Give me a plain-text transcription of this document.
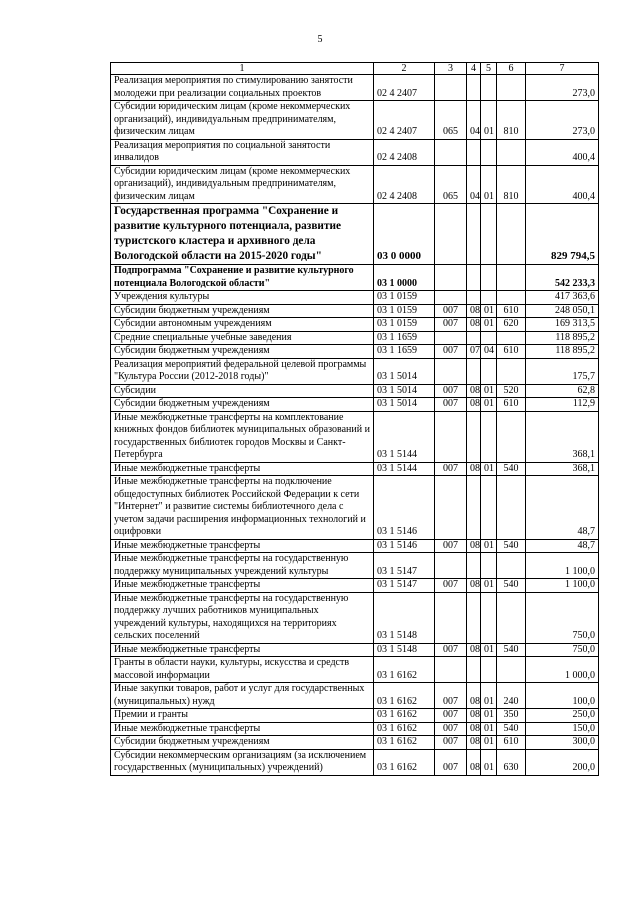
5
1	2	3	4	5	6	7
Реализация мероприятия по стимулированию занятости молодежи при реализации социальных проектов	02 4 2407					273,0
Субсидии юридическим лицам (кроме некоммерческих организаций), индивидуальным предпринимателям, физическим лицам	02 4 2407	065	04	01	810	273,0
Реализация мероприятия по социальной занятости инвалидов	02 4 2408					400,4
Субсидии юридическим лицам (кроме некоммерческих организаций), индивидуальным предпринимателям, физическим лицам	02 4 2408	065	04	01	810	400,4
Государственная программа "Сохранение и развитие культурного потенциала, развитие туристского кластера и архивного дела Вологодской области на 2015-2020 годы"	03 0 0000					829 794,5
Подпрограмма "Сохранение и развитие культурного потенциала Вологодской области"	03 1 0000					542 233,3
Учреждения культуры	03 1 0159					417 363,6
Субсидии бюджетным учреждениям	03 1 0159	007	08	01	610	248 050,1
Субсидии автономным учреждениям	03 1 0159	007	08	01	620	169 313,5
Средние специальные учебные заведения	03 1 1659					118 895,2
Субсидии бюджетным учреждениям	03 1 1659	007	07	04	610	118 895,2
Реализация мероприятий федеральной целевой программы "Культура России (2012-2018 годы)"	03 1 5014					175,7
Субсидии	03 1 5014	007	08	01	520	62,8
Субсидии бюджетным учреждениям	03 1 5014	007	08	01	610	112,9
Иные межбюджетные трансферты на комплектование книжных фондов библиотек муниципальных образований и государственных библиотек городов Москвы и Санкт-Петербурга	03 1 5144					368,1
Иные межбюджетные трансферты	03 1 5144	007	08	01	540	368,1
Иные межбюджетные трансферты на подключение общедоступных библиотек Российской Федерации к сети "Интернет" и развитие системы библиотечного дела с учетом задачи расширения информационных технологий и оцифровки	03 1 5146					48,7
Иные межбюджетные трансферты	03 1 5146	007	08	01	540	48,7
Иные межбюджетные трансферты на государственную поддержку муниципальных учреждений культуры	03 1 5147					1 100,0
Иные межбюджетные трансферты	03 1 5147	007	08	01	540	1 100,0
Иные межбюджетные трансферты на государственную поддержку лучших работников муниципальных учреждений культуры, находящихся на территориях сельских поселений	03 1 5148					750,0
Иные межбюджетные трансферты	03 1 5148	007	08	01	540	750,0
Гранты в области науки, культуры, искусства и средств массовой информации	03 1 6162					1 000,0
Иные закупки товаров, работ и услуг для государственных (муниципальных) нужд	03 1 6162	007	08	01	240	100,0
Премии и гранты	03 1 6162	007	08	01	350	250,0
Иные межбюджетные трансферты	03 1 6162	007	08	01	540	150,0
Субсидии бюджетным учреждениям	03 1 6162	007	08	01	610	300,0
Субсидии некоммерческим организациям (за исключением государственных (муниципальных) учреждений)	03 1 6162	007	08	01	630	200,0
